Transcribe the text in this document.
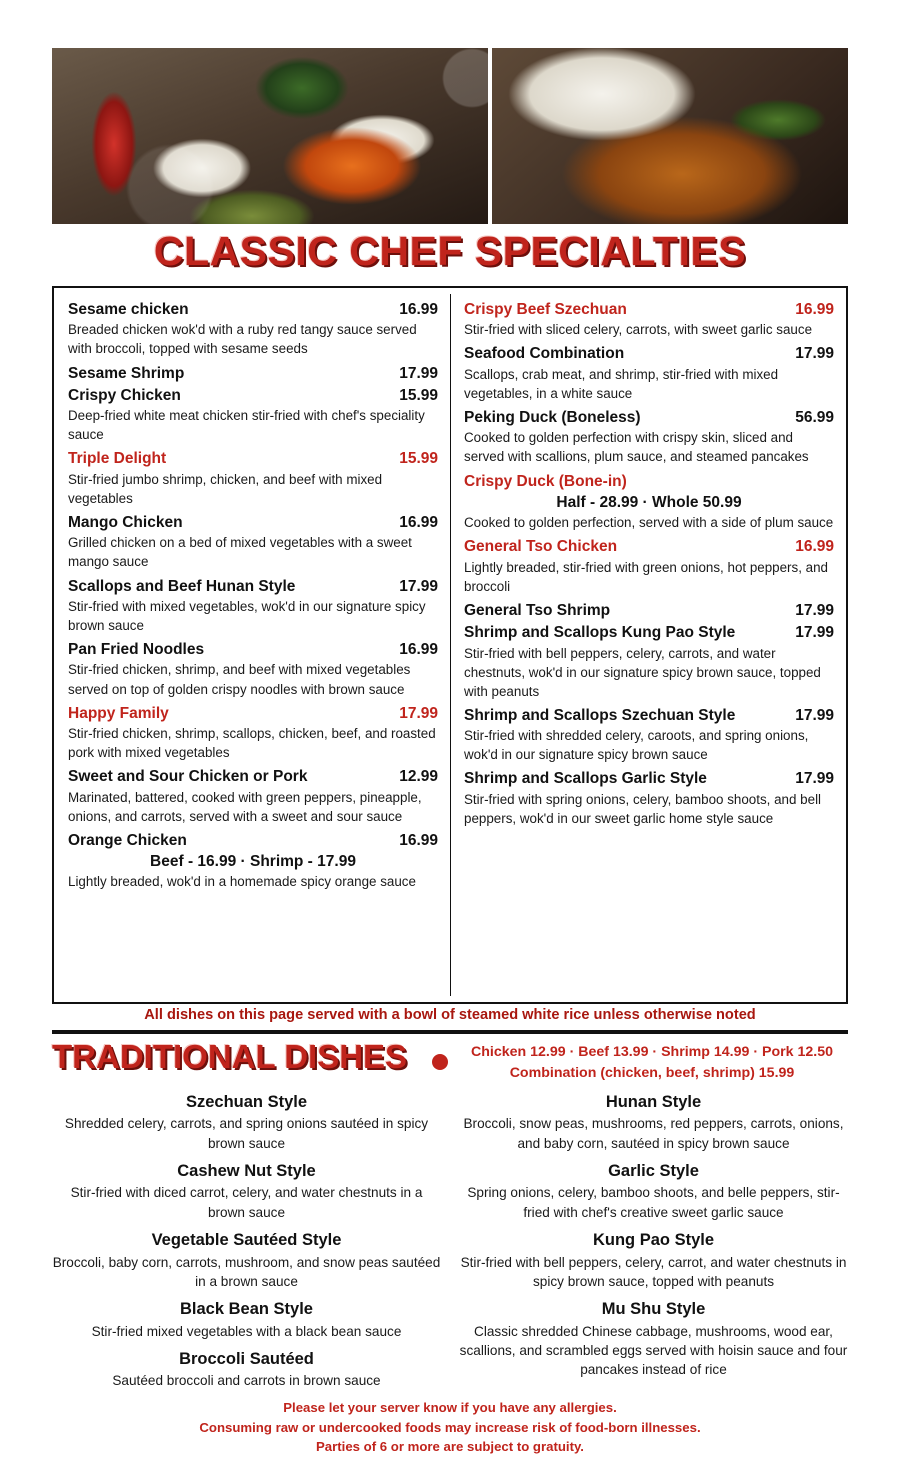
CLASSIC CHEF SPECIALTIES
Sesame chicken	16.99
Breaded chicken wok'd with a ruby red tangy sauce served with broccoli, topped with sesame seeds
Sesame Shrimp	17.99
Crispy Chicken	15.99
Deep-fried white meat chicken stir-fried with chef's speciality sauce
Triple Delight	15.99
Stir-fried jumbo shrimp, chicken, and beef with mixed vegetables
Mango Chicken	16.99
Grilled chicken on a bed of mixed vegetables with a sweet mango sauce
Scallops and Beef Hunan Style	17.99
Stir-fried with mixed vegetables, wok'd in our signature spicy brown sauce
Pan Fried Noodles	16.99
Stir-fried chicken, shrimp, and beef with mixed vegetables served on top of golden crispy noodles with brown sauce
Happy Family	17.99
Stir-fried chicken, shrimp, scallops, chicken, beef, and roasted pork with mixed vegetables
Sweet and Sour Chicken or Pork	12.99
Marinated, battered, cooked with green peppers, pineapple, onions, and carrots, served with a sweet and sour sauce
Orange Chicken	16.99
Beef - 16.99 · Shrimp - 17.99
Lightly breaded, wok'd in a homemade spicy orange sauce
Crispy Beef Szechuan	16.99
Stir-fried with sliced celery, carrots, with sweet garlic sauce
Seafood Combination	17.99
Scallops, crab meat, and shrimp, stir-fried with mixed vegetables, in a white sauce
Peking Duck (Boneless)	56.99
Cooked to golden perfection with crispy skin, sliced and served with scallions, plum sauce, and steamed pancakes
Crispy Duck (Bone-in)
Half - 28.99 · Whole 50.99
Cooked to golden perfection, served with a side of plum sauce
General Tso Chicken	16.99
Lightly breaded, stir-fried with green onions, hot peppers, and broccoli
General Tso Shrimp	17.99
Shrimp and Scallops Kung Pao Style	17.99
Stir-fried with bell peppers, celery, carrots, and water chestnuts, wok'd in our signature spicy brown sauce, topped with peanuts
Shrimp and Scallops Szechuan Style	17.99
Stir-fried with shredded celery, caroots, and spring onions, wok'd in our signature spicy brown sauce
Shrimp and Scallops Garlic Style	17.99
Stir-fried with spring onions, celery, bamboo shoots, and bell peppers, wok'd in our sweet garlic home style sauce
All dishes on this page served with a bowl of steamed white rice unless otherwise noted
TRADITIONAL DISHES	Chicken 12.99 · Beef 13.99 · Shrimp 14.99 · Pork 12.50
Combination (chicken, beef, shrimp) 15.99
Szechuan Style
Shredded celery, carrots, and spring onions sautéed in spicy brown sauce
Cashew Nut Style
Stir-fried with diced carrot, celery, and water chestnuts in a brown sauce
Vegetable Sautéed Style
Broccoli, baby corn, carrots, mushroom, and snow peas sautéed in a brown sauce
Black Bean Style
Stir-fried mixed vegetables with a black bean sauce
Broccoli Sautéed
Sautéed broccoli and carrots in brown sauce
Hunan Style
Broccoli, snow peas, mushrooms, red peppers, carrots, onions, and baby corn, sautéed in spicy brown sauce
Garlic Style
Spring onions, celery, bamboo shoots, and belle peppers, stir-fried with chef's creative sweet garlic sauce
Kung Pao Style
Stir-fried with bell peppers, celery, carrot, and water chestnuts in spicy brown sauce, topped with peanuts
Mu Shu Style
Classic shredded Chinese cabbage, mushrooms, wood ear, scallions, and scrambled eggs served with hoisin sauce and four pancakes instead of rice
Please let your server know if you have any allergies.
Consuming raw or undercooked foods may increase risk of food-born illnesses.
Parties of 6 or more are subject to gratuity.
